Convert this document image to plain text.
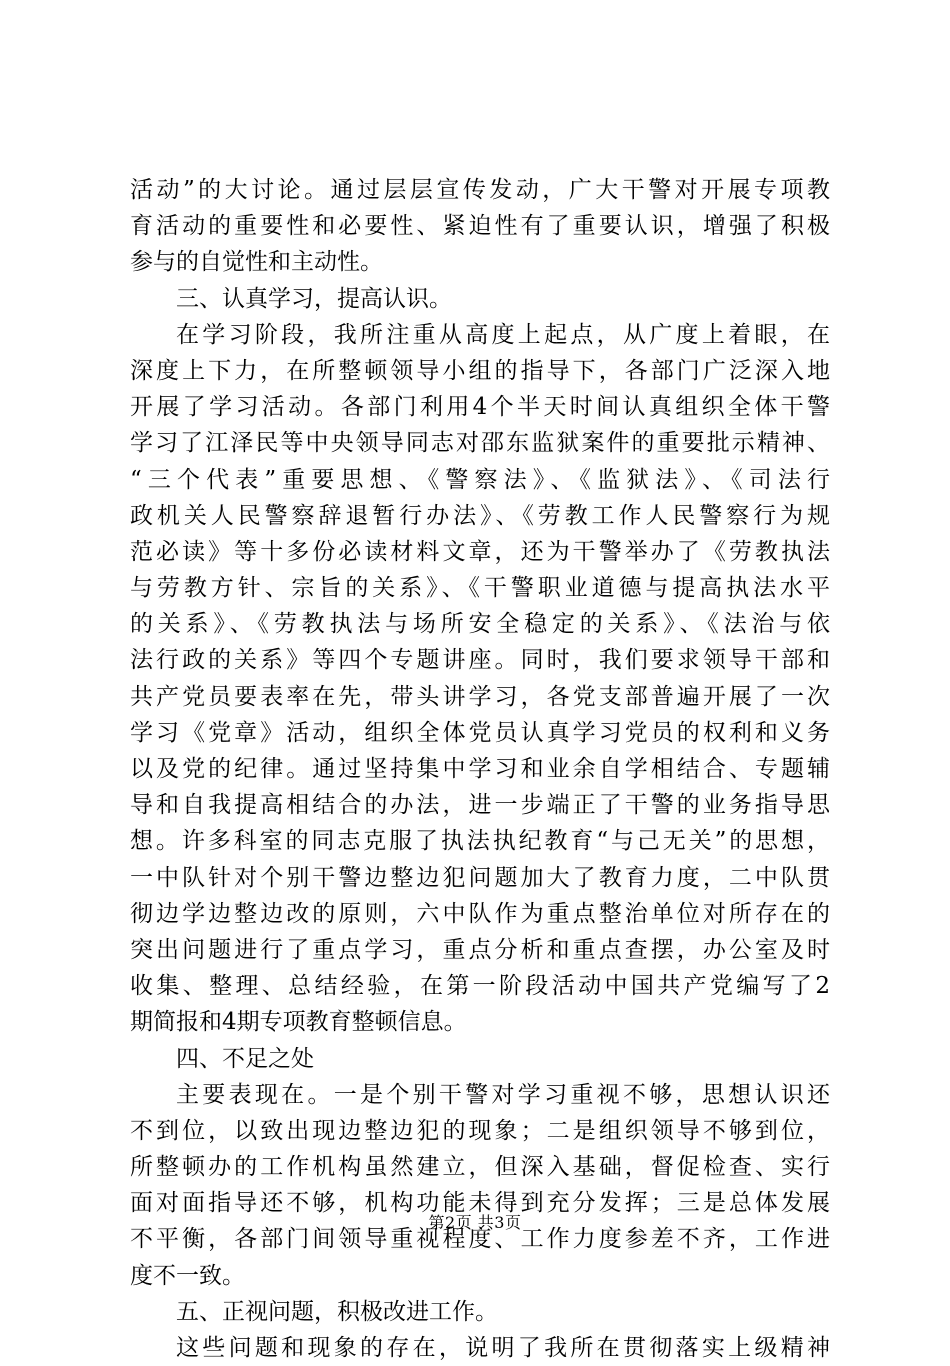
活动”的大讨论。通过层层宣传发动，广大干警对开展专项教
育活动的重要性和必要性、紧迫性有了重要认识，增强了积极
参与的自觉性和主动性。
三、认真学习，提高认识。
在学习阶段，我所注重从高度上起点，从广度上着眼，在
深度上下力，在所整顿领导小组的指导下，各部门广泛深入地
开展了学习活动。各部门利用4个半天时间认真组织全体干警
学习了江泽民等中央领导同志对邵东监狱案件的重要批示精神、
“三个代表”重要思想、《警察法》、《监狱法》、《司法行
政机关人民警察辞退暂行办法》、《劳教工作人民警察行为规
范必读》等十多份必读材料文章，还为干警举办了《劳教执法
与劳教方针、宗旨的关系》、《干警职业道德与提高执法水平
的关系》、《劳教执法与场所安全稳定的关系》、《法治与依
法行政的关系》等四个专题讲座。同时，我们要求领导干部和
共产党员要表率在先，带头讲学习，各党支部普遍开展了一次
学习《党章》活动，组织全体党员认真学习党员的权利和义务
以及党的纪律。通过坚持集中学习和业余自学相结合、专题辅
导和自我提高相结合的办法，进一步端正了干警的业务指导思
想。许多科室的同志克服了执法执纪教育“与己无关”的思想，
一中队针对个别干警边整边犯问题加大了教育力度，二中队贯
彻边学边整边改的原则，六中队作为重点整治单位对所存在的
突出问题进行了重点学习，重点分析和重点查摆，办公室及时
收集、整理、总结经验，在第一阶段活动中国共产党编写了2
期简报和4期专项教育整顿信息。
四、不足之处
主要表现在。一是个别干警对学习重视不够，思想认识还
不到位，以致出现边整边犯的现象；二是组织领导不够到位，
所整顿办的工作机构虽然建立，但深入基础，督促检查、实行
面对面指导还不够，机构功能未得到充分发挥；三是总体发展
不平衡，各部门间领导重视程度、工作力度参差不齐，工作进
度不一致。
五、正视问题，积极改进工作。
这些问题和现象的存在，说明了我所在贯彻落实上级精神
第2页 共3页
